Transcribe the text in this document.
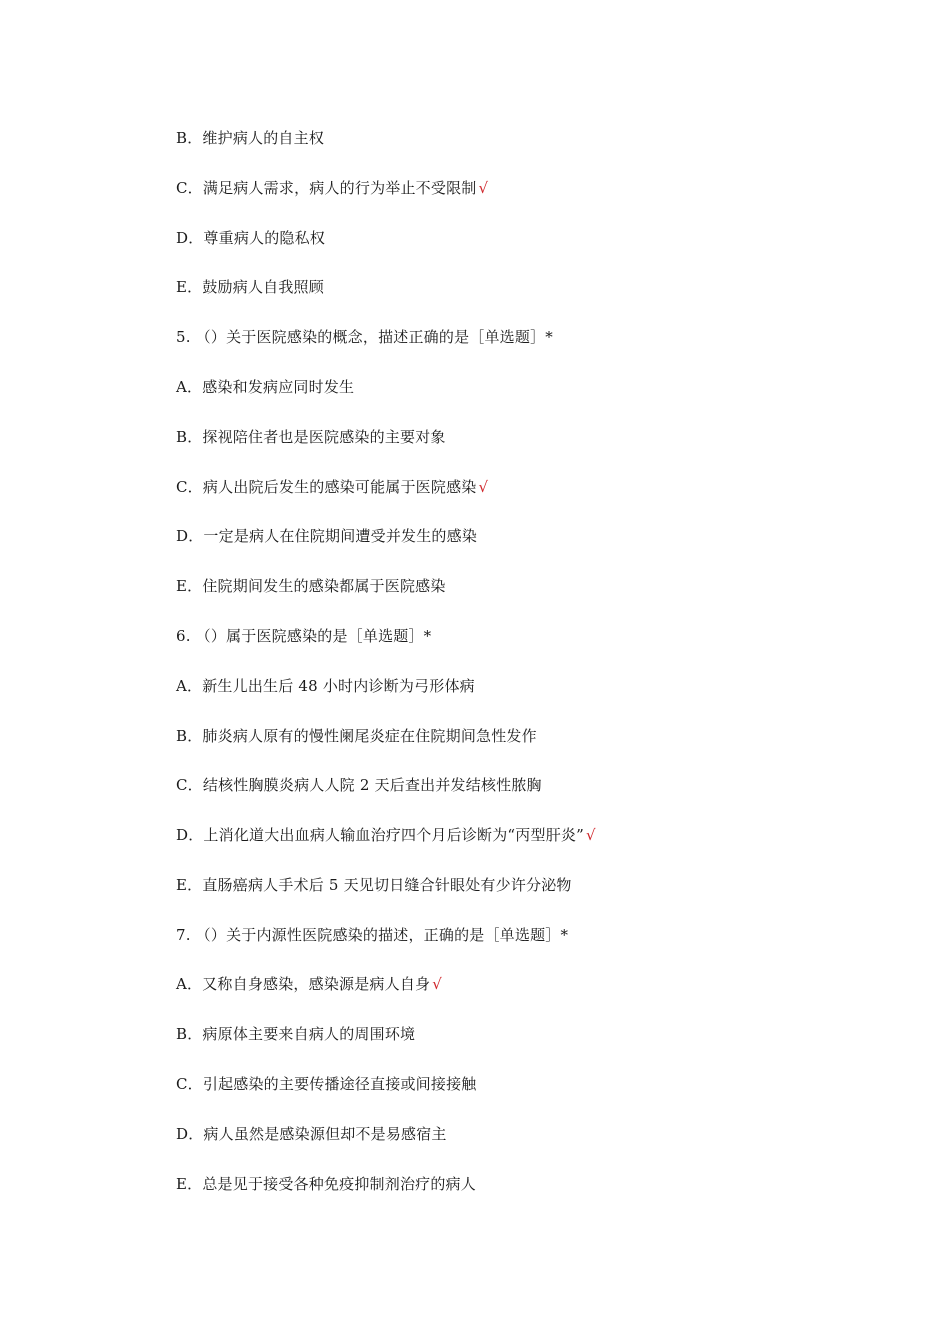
B．维护病人的自主权
C．满足病人需求，病人的行为举止不受限制 √
D．尊重病人的隐私权
E．鼓励病人自我照顾
5. （）关于医院感染的概念，描述正确的是［单选题］*
A．感染和发病应同时发生
B．探视陪住者也是医院感染的主要对象
C．病人出院后发生的感染可能属于医院感染 √
D．一定是病人在住院期间遭受并发生的感染
E．住院期间发生的感染都属于医院感染
6. （）属于医院感染的是［单选题］*
A．新生儿出生后 48 小时内诊断为弓形体病
B．肺炎病人原有的慢性阑尾炎症在住院期间急性发作
C．结核性胸膜炎病人人院 2 天后查出并发结核性脓胸
D．上消化道大出血病人输血治疗四个月后诊断为“丙型肝炎” √
E．直肠癌病人手术后 5 天见切日缝合针眼处有少许分泌物
7. （）关于内源性医院感染的描述，正确的是［单选题］*
A．又称自身感染，感染源是病人自身 √
B．病原体主要来自病人的周围环境
C．引起感染的主要传播途径直接或间接接触
D．病人虽然是感染源但却不是易感宿主
E．总是见于接受各种免疫抑制剂治疗的病人
